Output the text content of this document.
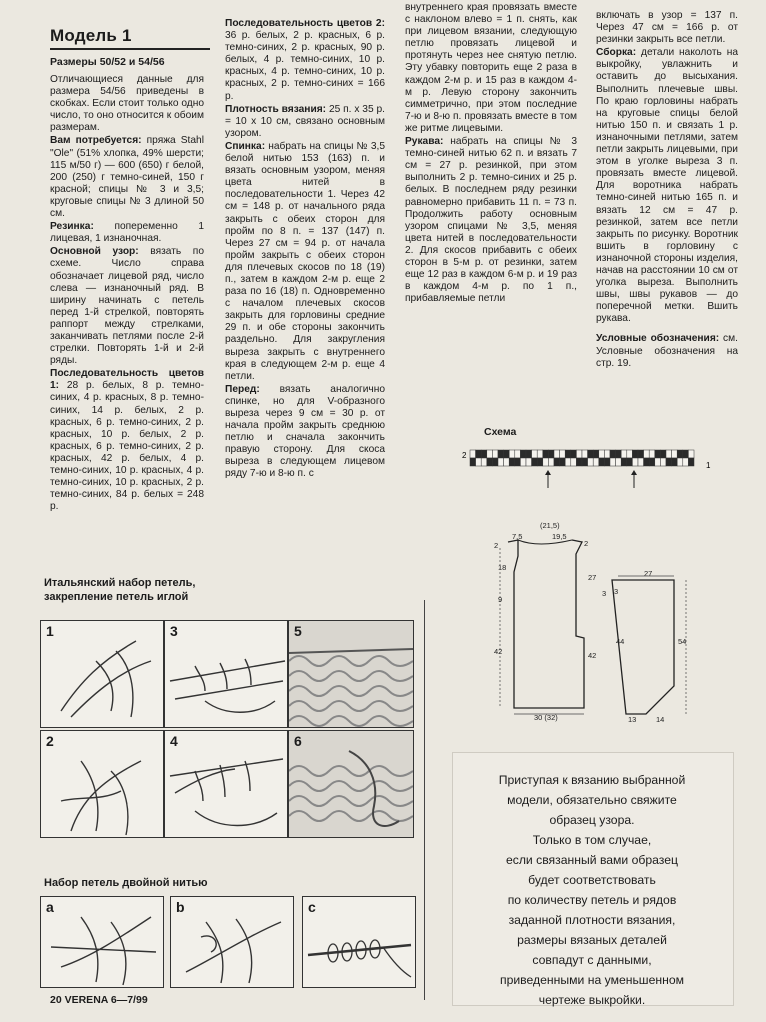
Модель 1
Размеры 50/52 и 54/56

Отличающиеся данные для размера 54/56 приведены в скобках. Если стоит только одно число, то оно относится к обоим размерам.

Вам потребуется: пряжа Stahl "Ole" (51% хлопка, 49% шерсти; 115 м/50 г) — 600 (650) г белой, 200 (250) г темно-синей, 150 г красной; спицы № 3 и 3,5; круговые спицы № 3 длиной 50 см.

Резинка: попеременно 1 лицевая, 1 изнаночная.

Основной узор: вязать по схеме. Число справа обозначает лицевой ряд, число слева — изнаночный ряд. В ширину начинать с петель перед 1-й стрелкой, повторять раппорт между стрелками, заканчивать петлями после 2-й стрелки. Повторять 1-й и 2-й ряды.

Последовательность цветов 1: 28 р. белых, 8 р. темно-синих, 4 р. красных, 8 р. темно-синих, 14 р. белых, 2 р. красных, 6 р. темно-синих, 2 р. красных, 10 р. белых, 2 р. красных, 6 р. темно-синих, 2 р. красных, 42 р. белых, 4 р. темно-синих, 10 р. красных, 4 р. темно-синих, 10 р. красных, 2 р. темно-синих, 84 р. белых = 248 р.

Последовательность цветов 2: 36 р. белых, 2 р. красных, 6 р. темно-синих, 2 р. красных, 90 р. белых, 4 р. темно-синих, 10 р. красных, 4 р. темно-синих, 10 р. красных, 2 р. темно-синих = 166 р.

Плотность вязания: 25 п. х 35 р. = 10 х 10 см, связано основным узором.

Спинка: набрать на спицы № 3,5 белой нитью 153 (163) п. и вязать основным узором, меняя цвета нитей в последовательности 1. Через 42 см = 148 р. от начального ряда закрыть с обеих сторон для пройм по 8 п. = 137 (147) п. Через 27 см = 94 р. от начала пройм закрыть с обеих сторон для плечевых скосов по 18 (19) п., затем в каждом 2-м р. еще 2 раза по 16 (18) п. Одновременно с началом плечевых скосов закрыть для горловины средние 29 п. и обе стороны закончить раздельно. Для закругления выреза закрыть с внутреннего края в следующем 2-м р. еще 4 петли.

Перед: вязать аналогично спинке, но для V-образного выреза через 9 см = 30 р. от начала пройм закрыть среднюю петлю и сначала закончить правую сторону. Для скоса выреза в следующем лицевом ряду 7-ю и 8-ю п. с

внутреннего края провязать вместе с наклоном влево = 1 п. снять, как при лицевом вязании, следующую петлю провязать лицевой и протянуть через нее снятую петлю. Эту убавку повторить еще 2 раза в каждом 2-м р. и 15 раз в каждом 4-м р. Левую сторону закончить симметрично, при этом последние 7-ю и 8-ю п. провязать вместе в том же ритме лицевыми.

Рукава: набрать на спицы № 3 темно-синей нитью 62 п. и вязать 7 см = 27 р. резинкой, при этом выполнить 2 р. темно-синих и 25 р. белых. В последнем ряду резинки равномерно прибавить 11 п. = 73 п. Продолжить работу основным узором спицами № 3,5, меняя цвета нитей в последовательности 2. Для скосов прибавить с обеих сторон в 5-м р. от резинки, затем еще 12 раз в каждом 6-м р. и 19 раз в каждом 4-м р. по 1 п., прибавляемые петли

включать в узор = 137 п. Через 47 см = 166 р. от резинки закрыть все петли.

Сборка: детали наколоть на выкройку, увлажнить и оставить до высыхания. Выполнить плечевые швы. По краю горловины набрать на круговые спицы белой нитью 150 п. и связать 1 р. изнаночными петлями, затем петли закрыть лицевыми, при этом в уголке выреза 3 п. провязать вместе лицевой. Для воротника набрать темно-синей нитью 165 п. и вязать 12 см = 47 р. резинкой, затем все петли закрыть по рисунку. Воротник вшить в горловину с изнаночной стороны изделия, начав на расстоянии 10 см от уголка выреза. Выполнить швы, швы рукавов — до поперечной метки. Вшить рукава.

Условные обозначения: см. Условные обозначения на стр. 19.

Схема
2
1
(21,5)
7,5	19,5
2
18
9
42
2
27
3
42
30 (32)
27
3
44	54
13	14
Итальянский набор петель,
закрепление петель иглой
1	3	5
2	4	6
Набор петель двойной нитью
a	b	c
Приступая к вязанию выбранной
модели, обязательно свяжите
образец узора.
Только в том случае,
если связанный вами образец
будет соответствовать
по количеству петель и рядов
заданной плотности вязания,
размеры вязаных деталей
совпадут с данными,
приведенными на уменьшенном
чертеже выкройки.
20 VERENA 6—7/99
